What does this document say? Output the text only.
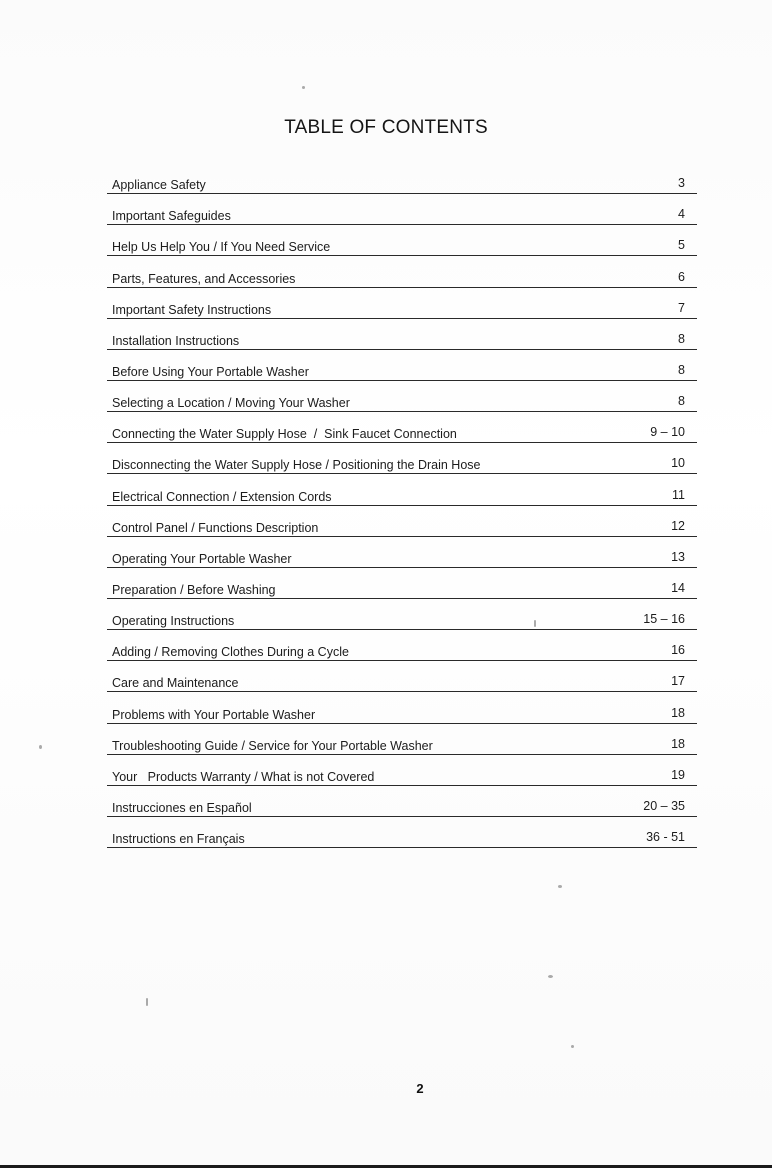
TABLE OF CONTENTS
Appliance Safety	3
Important Safeguides	4
Help Us Help You / If You Need Service	5
Parts, Features, and Accessories	6
Important Safety Instructions	7
Installation Instructions	8
Before Using Your Portable Washer	8
Selecting a Location / Moving Your Washer	8
Connecting the Water Supply Hose  /  Sink Faucet Connection	9 – 10
Disconnecting the Water Supply Hose / Positioning the Drain Hose	10
Electrical Connection / Extension Cords	11
Control Panel / Functions Description	12
Operating Your Portable Washer	13
Preparation / Before Washing	14
Operating Instructions	15 – 16
Adding / Removing Clothes During a Cycle	16
Care and Maintenance	17
Problems with Your Portable Washer	18
Troubleshooting Guide / Service for Your Portable Washer	18
Your   Products Warranty / What is not Covered	19
Instrucciones en Español	20 – 35
Instructions en Français	36 - 51
2
